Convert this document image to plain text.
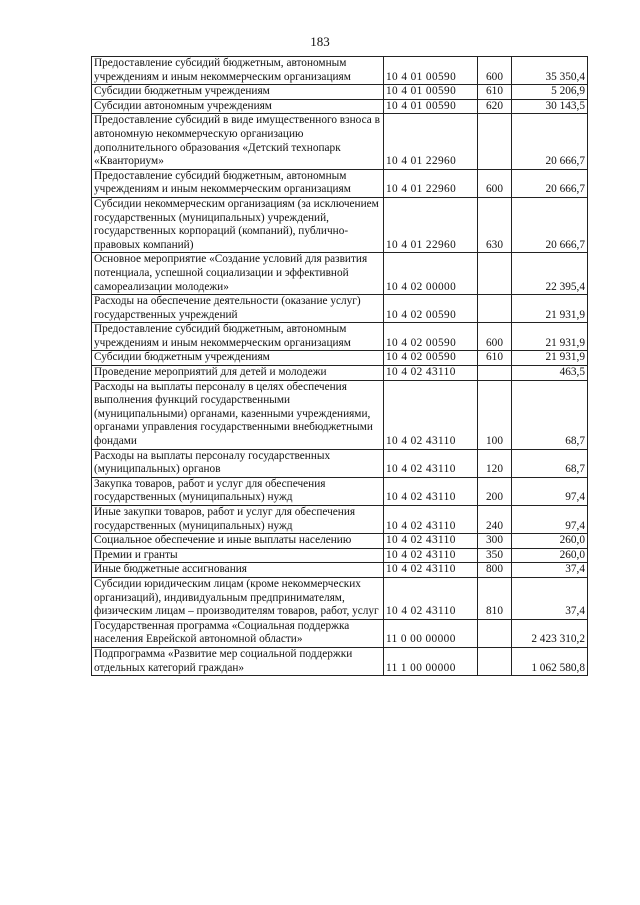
183
Предоставление субсидий бюджетным, автономным учреждениям и иным некоммерческим организациям	10 4 01 00590	600	35 350,4
Субсидии бюджетным учреждениям	10 4 01 00590	610	5 206,9
Субсидии автономным учреждениям	10 4 01 00590	620	30 143,5
Предоставление субсидий в виде имущественного взноса в автономную некоммерческую организацию дополнительного образования «Детский технопарк «Кванториум»	10 4 01 22960		20 666,7
Предоставление субсидий бюджетным, автономным учреждениям и иным некоммерческим организациям	10 4 01 22960	600	20 666,7
Субсидии некоммерческим организациям (за исключением государственных (муниципальных) учреждений, государственных корпораций (компаний), публично-правовых компаний)	10 4 01 22960	630	20 666,7
Основное мероприятие «Создание условий для развития потенциала, успешной социализации и эффективной самореализации молодежи»	10 4 02 00000		22 395,4
Расходы на обеспечение деятельности (оказание услуг) государственных учреждений	10 4 02 00590		21 931,9
Предоставление субсидий бюджетным, автономным учреждениям и иным некоммерческим организациям	10 4 02 00590	600	21 931,9
Субсидии бюджетным учреждениям	10 4 02 00590	610	21 931,9
Проведение мероприятий для детей и молодежи	10 4 02 43110		463,5
Расходы на выплаты персоналу в целях обеспечения выполнения функций государственными (муниципальными) органами, казенными учреждениями, органами управления государственными внебюджетными фондами	10 4 02 43110	100	68,7
Расходы на выплаты персоналу государственных (муниципальных) органов	10 4 02 43110	120	68,7
Закупка товаров, работ и услуг для обеспечения государственных (муниципальных) нужд	10 4 02 43110	200	97,4
Иные закупки товаров, работ и услуг для обеспечения государственных (муниципальных) нужд	10 4 02 43110	240	97,4
Социальное обеспечение и иные выплаты населению	10 4 02 43110	300	260,0
Премии и гранты	10 4 02 43110	350	260,0
Иные бюджетные ассигнования	10 4 02 43110	800	37,4
Субсидии юридическим лицам (кроме некоммерческих организаций), индивидуальным предпринимателям, физическим лицам – производителям товаров, работ, услуг	10 4 02 43110	810	37,4
Государственная программа «Социальная поддержка населения Еврейской автономной области»	11 0 00 00000		2 423 310,2
Подпрограмма «Развитие мер социальной поддержки отдельных категорий граждан»	11 1 00 00000		1 062 580,8
